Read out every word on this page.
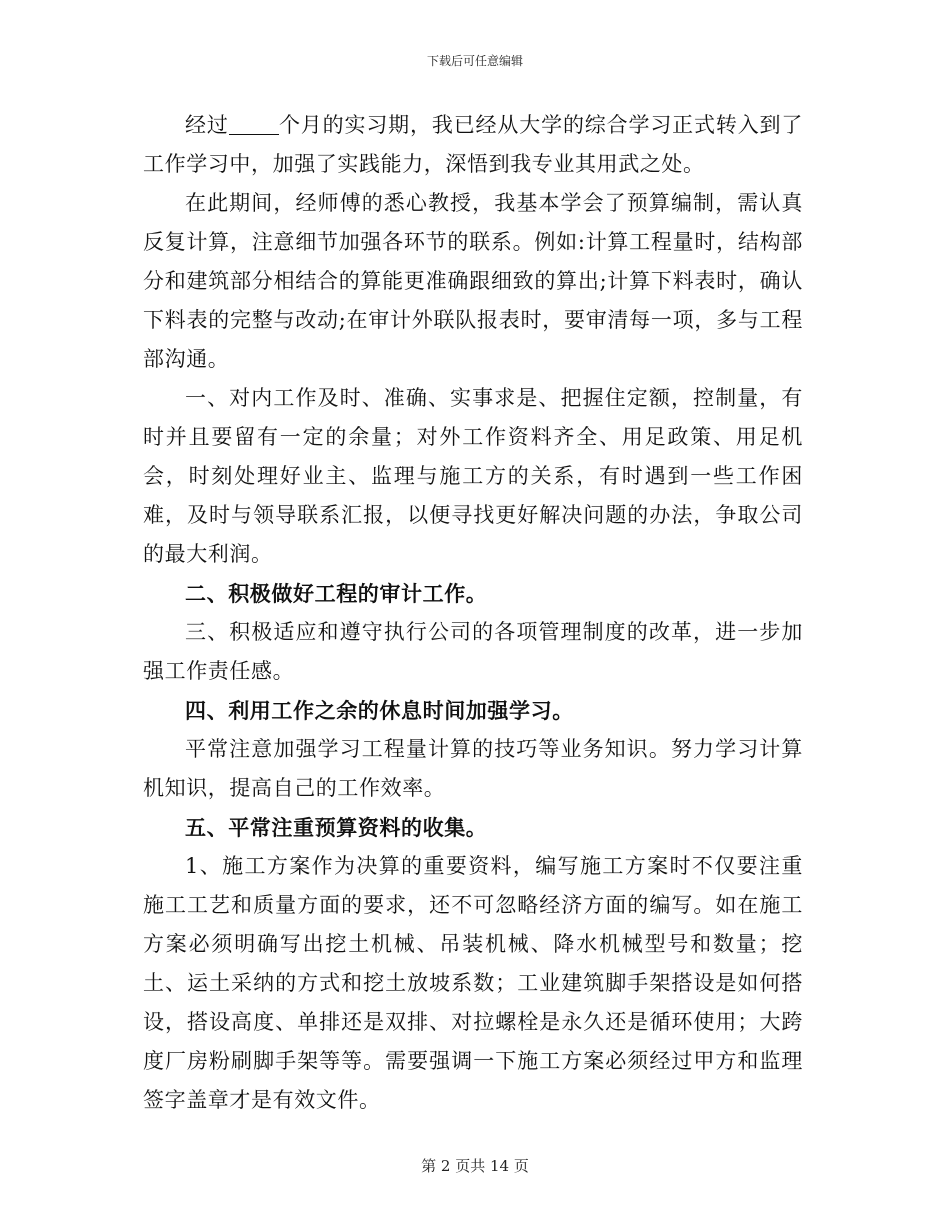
下载后可任意编辑

经过 个月的实习期，我已经从大学的综合学习正式转入到了工作学习中，加强了实践能力，深悟到我专业其用武之处。

在此期间，经师傅的悉心教授，我基本学会了预算编制，需认真反复计算，注意细节加强各环节的联系。例如:计算工程量时，结构部分和建筑部分相结合的算能更准确跟细致的算出;计算下料表时，确认下料表的完整与改动;在审计外联队报表时，要审清每一项，多与工程部沟通。

一、对内工作及时、准确、实事求是、把握住定额，控制量，有时并且要留有一定的余量；对外工作资料齐全、用足政策、用足机会，时刻处理好业主、监理与施工方的关系，有时遇到一些工作困难，及时与领导联系汇报，以便寻找更好解决问题的办法，争取公司的最大利润。

二、积极做好工程的审计工作。

三、积极适应和遵守执行公司的各项管理制度的改革，进一步加强工作责任感。

四、利用工作之余的休息时间加强学习。

平常注意加强学习工程量计算的技巧等业务知识。努力学习计算机知识，提高自己的工作效率。

五、平常注重预算资料的收集。

1、施工方案作为决算的重要资料，编写施工方案时不仅要注重施工工艺和质量方面的要求，还不可忽略经济方面的编写。如在施工方案必须明确写出挖土机械、吊装机械、降水机械型号和数量；挖土、运土采纳的方式和挖土放坡系数；工业建筑脚手架搭设是如何搭设，搭设高度、单排还是双排、对拉螺栓是永久还是循环使用；大跨度厂房粉刷脚手架等等。需要强调一下施工方案必须经过甲方和监理签字盖章才是有效文件。

第 2 页共 14 页
